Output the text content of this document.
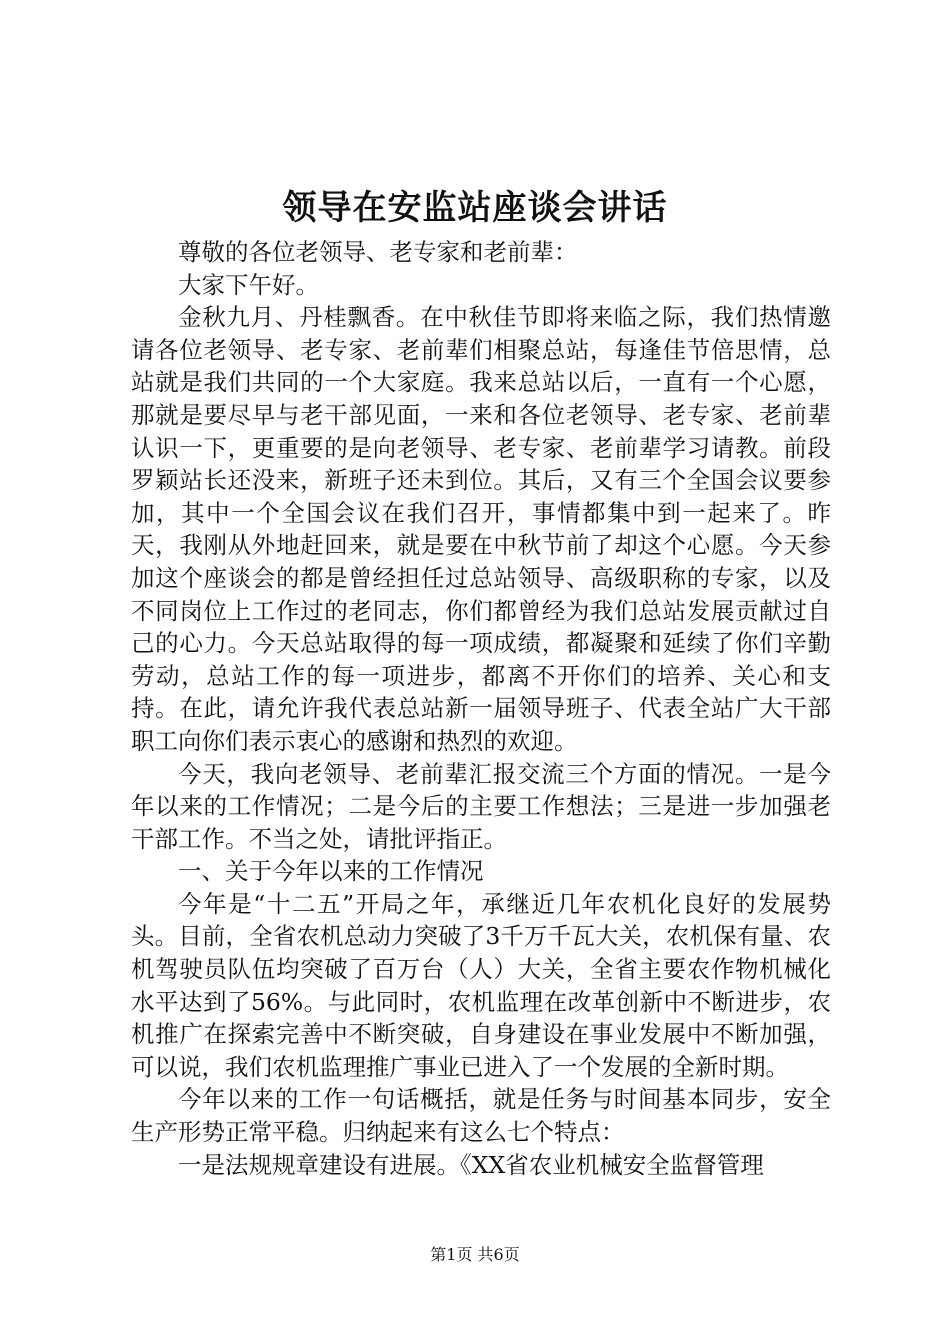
领导在安监站座谈会讲话

尊敬的各位老领导、老专家和老前辈：

大家下午好。

金秋九月、丹桂飘香。在中秋佳节即将来临之际，我们热情邀请各位老领导、老专家、老前辈们相聚总站，每逢佳节倍思情，总站就是我们共同的一个大家庭。我来总站以后，一直有一个心愿，那就是要尽早与老干部见面，一来和各位老领导、老专家、老前辈认识一下，更重要的是向老领导、老专家、老前辈学习请教。前段罗颖站长还没来，新班子还未到位。其后，又有三个全国会议要参加，其中一个全国会议在我们召开，事情都集中到一起来了。昨天，我刚从外地赶回来，就是要在中秋节前了却这个心愿。今天参加这个座谈会的都是曾经担任过总站领导、高级职称的专家，以及不同岗位上工作过的老同志，你们都曾经为我们总站发展贡献过自己的心力。今天总站取得的每一项成绩，都凝聚和延续了你们辛勤劳动，总站工作的每一项进步，都离不开你们的培养、关心和支持。在此，请允许我代表总站新一届领导班子、代表全站广大干部职工向你们表示衷心的感谢和热烈的欢迎。

今天，我向老领导、老前辈汇报交流三个方面的情况。一是今年以来的工作情况；二是今后的主要工作想法；三是进一步加强老干部工作。不当之处，请批评指正。

一、关于今年以来的工作情况

今年是“十二五”开局之年，承继近几年农机化良好的发展势头。目前，全省农机总动力突破了3千万千瓦大关，农机保有量、农机驾驶员队伍均突破了百万台（人）大关，全省主要农作物机械化水平达到了56%。与此同时，农机监理在改革创新中不断进步，农机推广在探索完善中不断突破，自身建设在事业发展中不断加强，可以说，我们农机监理推广事业已进入了一个发展的全新时期。

今年以来的工作一句话概括，就是任务与时间基本同步，安全生产形势正常平稳。归纳起来有这么七个特点：

一是法规规章建设有进展。《XX省农业机械安全监督管理

第1页 共6页
